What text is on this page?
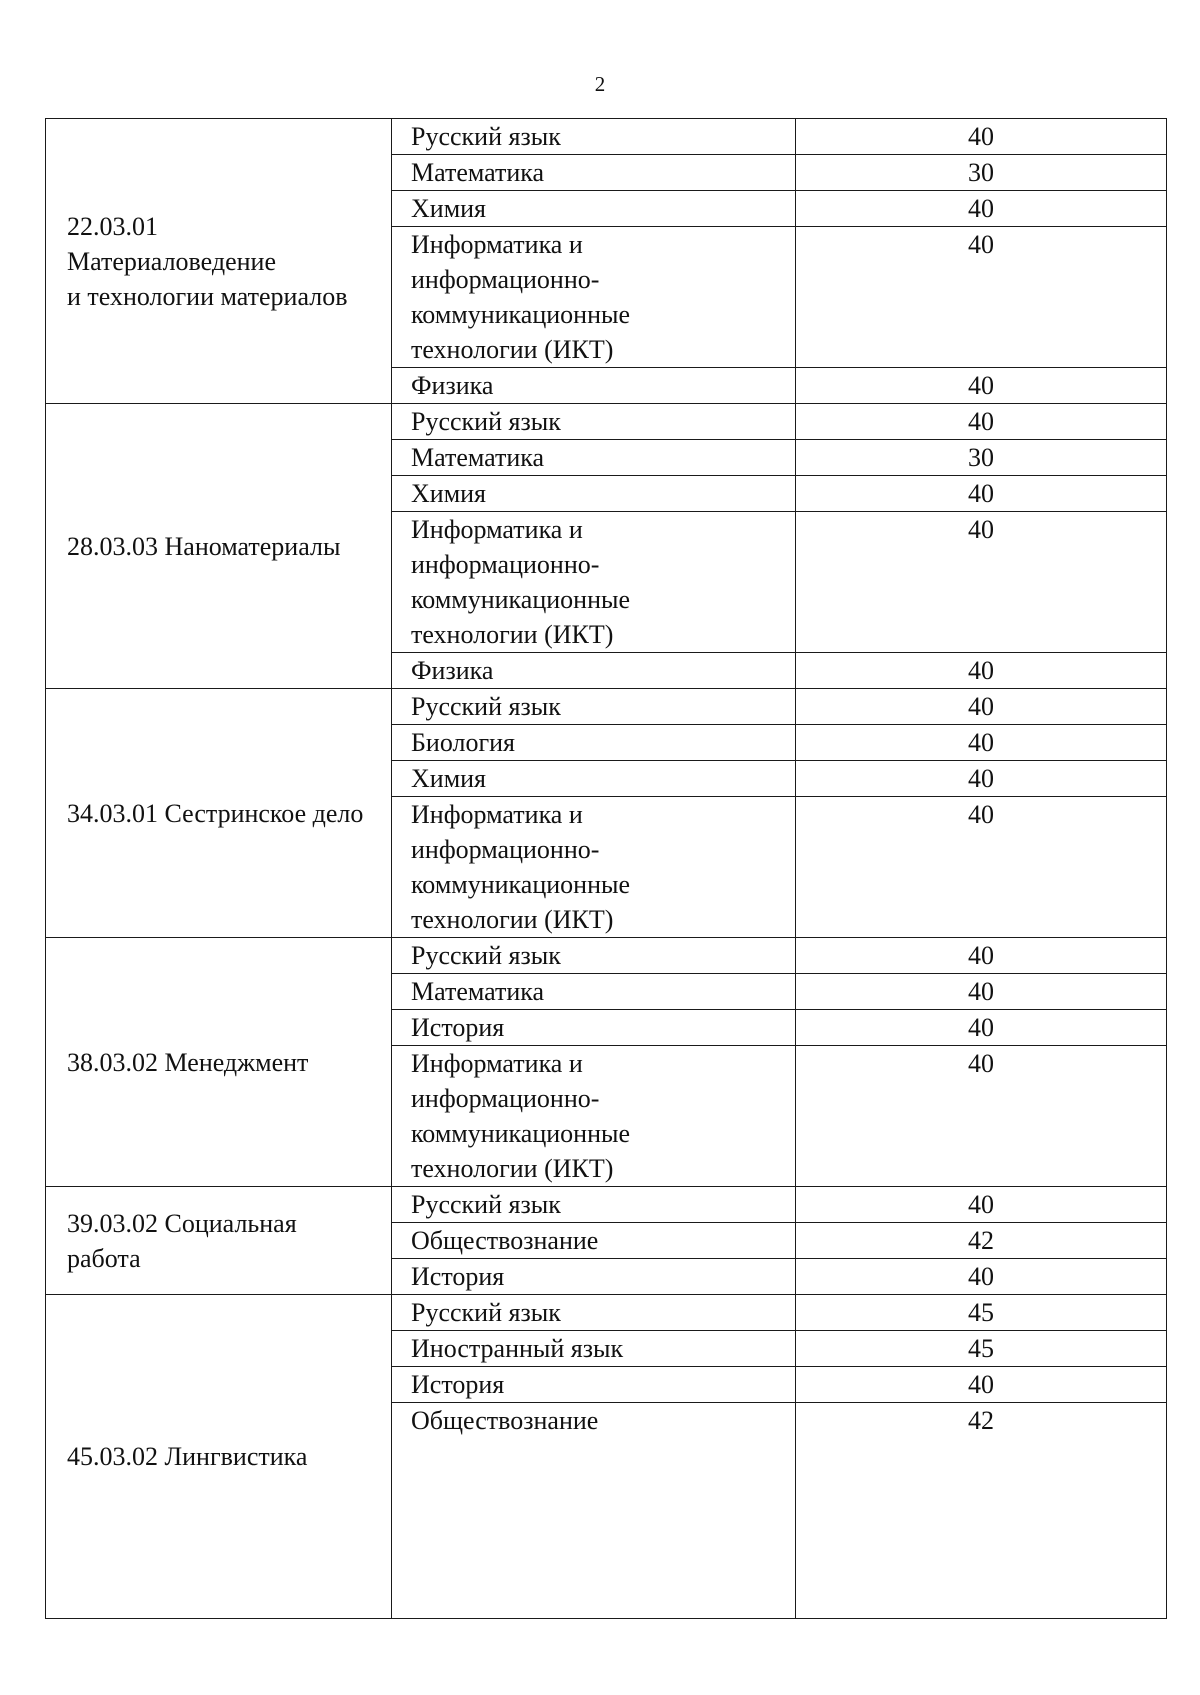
2
22.03.01
Материаловедение
и технологии материалов	Русский язык	40
	Математика	30
	Химия	40
	Информатика и
информационно-
коммуникационные
технологии (ИКТ)	40
	Физика	40
28.03.03 Наноматериалы	Русский язык	40
	Математика	30
	Химия	40
	Информатика и
информационно-
коммуникационные
технологии (ИКТ)	40
	Физика	40
34.03.01 Сестринское дело	Русский язык	40
	Биология	40
	Химия	40
	Информатика и
информационно-
коммуникационные
технологии (ИКТ)	40
38.03.02 Менеджмент	Русский язык	40
	Математика	40
	История	40
	Информатика и
информационно-
коммуникационные
технологии (ИКТ)	40
39.03.02 Социальная
работа	Русский язык	40
	Обществознание	42
	История	40
45.03.02 Лингвистика	Русский язык	45
	Иностранный язык	45
	История	40
	Обществознание	42
